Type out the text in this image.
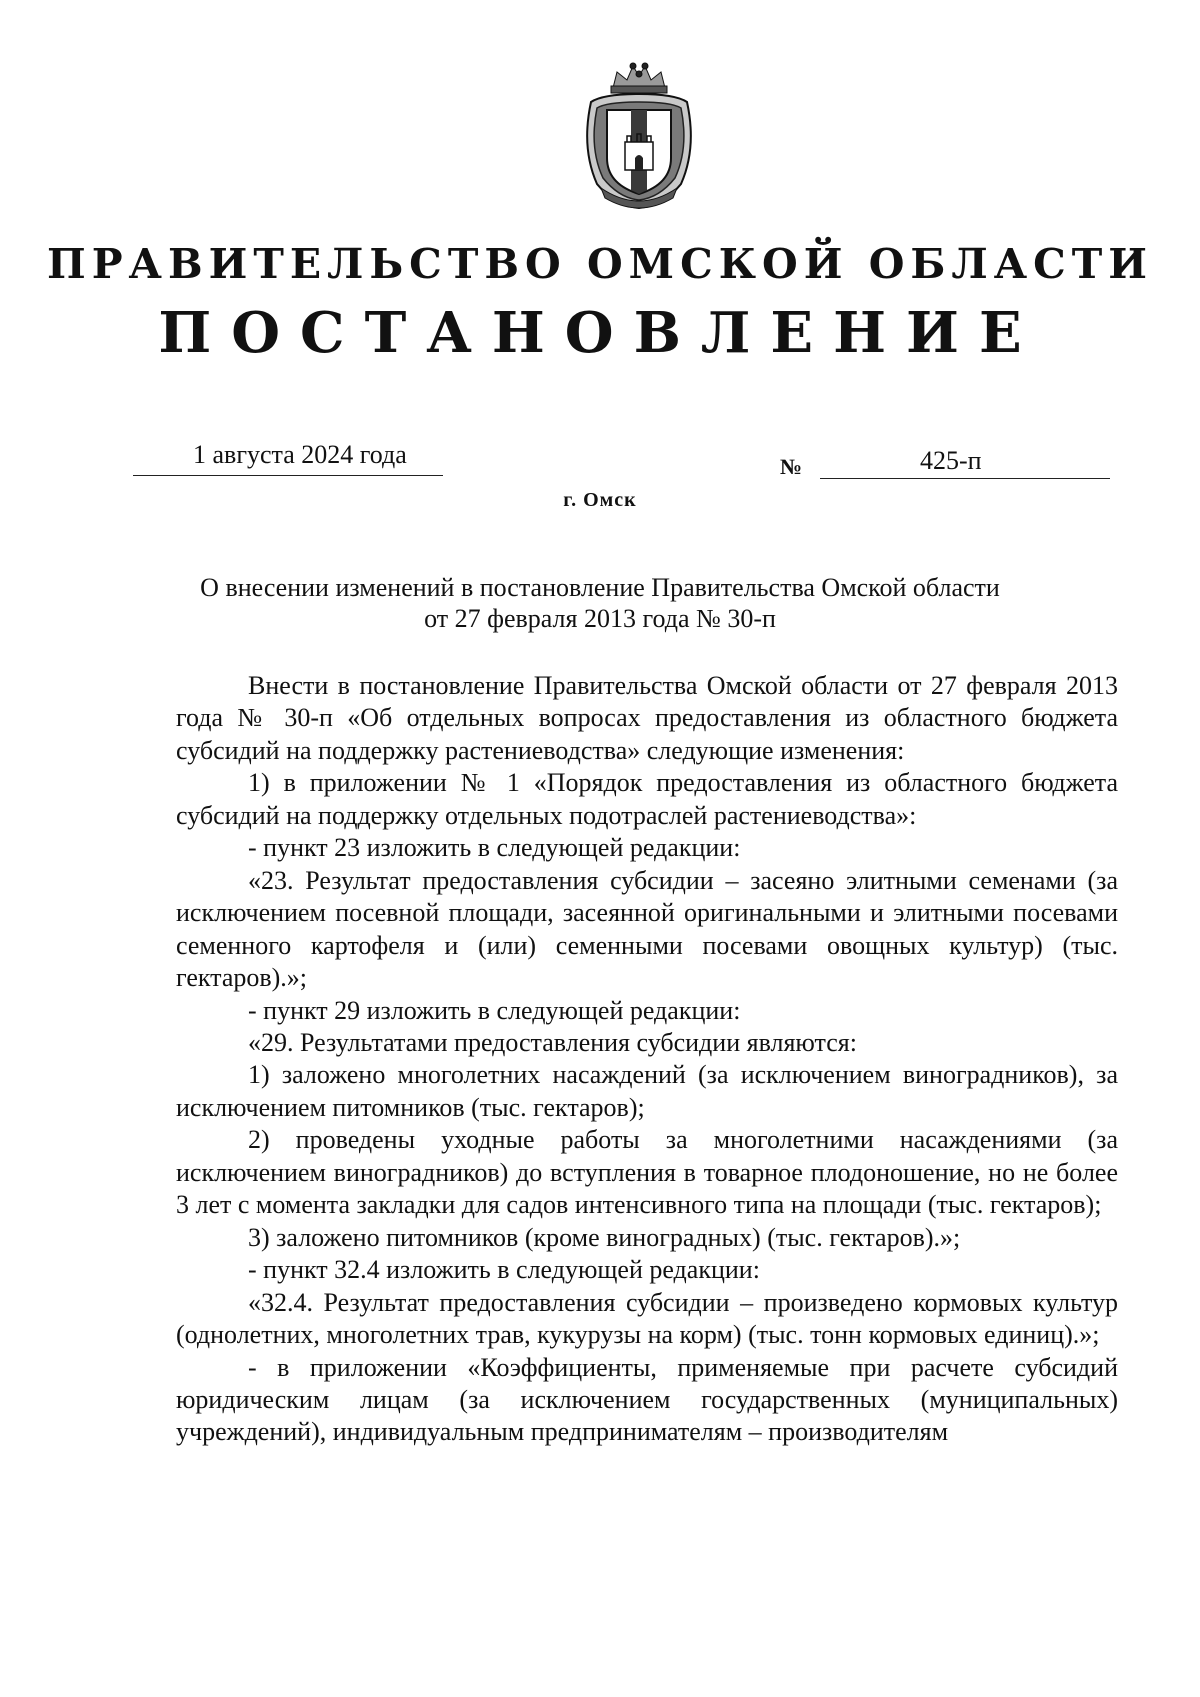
ПРАВИТЕЛЬСТВО ОМСКОЙ ОБЛАСТИ
ПОСТАНОВЛЕНИЕ
1 августа 2024 года	№	425-п
г. Омск
О внесении изменений в постановление Правительства Омской области
от 27 февраля 2013 года № 30-п

Внести в постановление Правительства Омской области от 27 февраля 2013 года № 30-п «Об отдельных вопросах предоставления из областного бюджета субсидий на поддержку растениеводства» следующие изменения:

1) в приложении № 1 «Порядок предоставления из областного бюджета субсидий на поддержку отдельных подотраслей растениеводства»:

- пункт 23 изложить в следующей редакции:

«23. Результат предоставления субсидии – засеяно элитными семенами (за исключением посевной площади, засеянной оригинальными и элитными посевами семенного картофеля и (или) семенными посевами овощных культур) (тыс. гектаров).»;

- пункт 29 изложить в следующей редакции:

«29. Результатами предоставления субсидии являются:

1) заложено многолетних насаждений (за исключением виноградников), за исключением питомников (тыс. гектаров);

2) проведены уходные работы за многолетними насаждениями (за исключением виноградников) до вступления в товарное плодоношение, но не более 3 лет с момента закладки для садов интенсивного типа на площади (тыс. гектаров);

3) заложено питомников (кроме виноградных) (тыс. гектаров).»;

- пункт 32.4 изложить в следующей редакции:

«32.4. Результат предоставления субсидии – произведено кормовых культур (однолетних, многолетних трав, кукурузы на корм) (тыс. тонн кормовых единиц).»;

- в приложении «Коэффициенты, применяемые при расчете субсидий юридическим лицам (за исключением государственных (муниципальных) учреждений), индивидуальным предпринимателям – производителям
